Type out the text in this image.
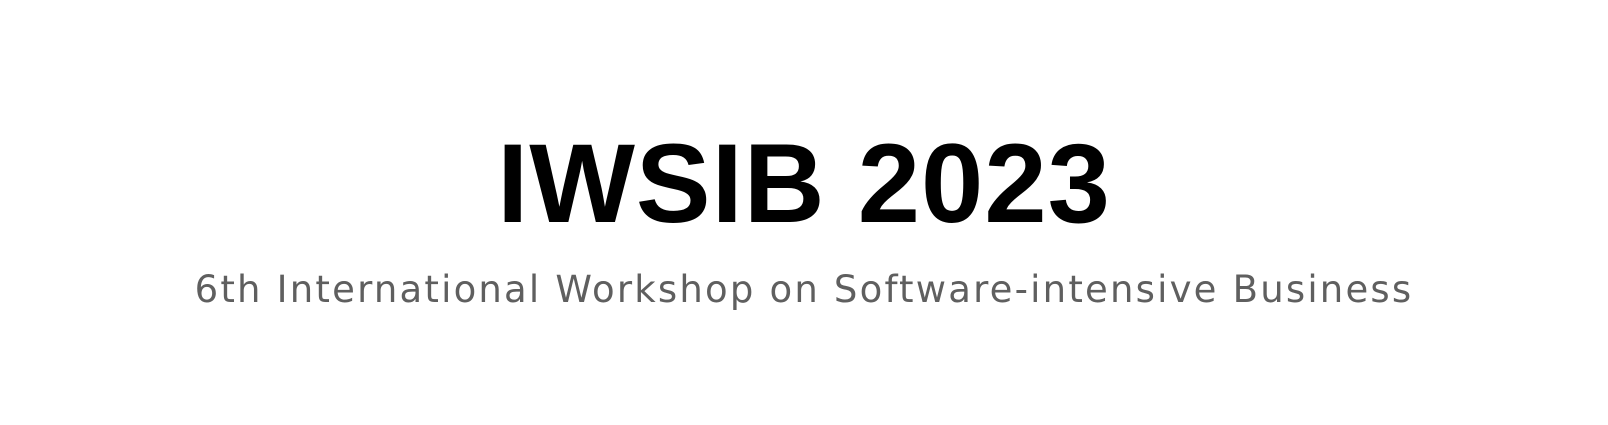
IWSIB 2023

6th International Workshop on Software-intensive Business
